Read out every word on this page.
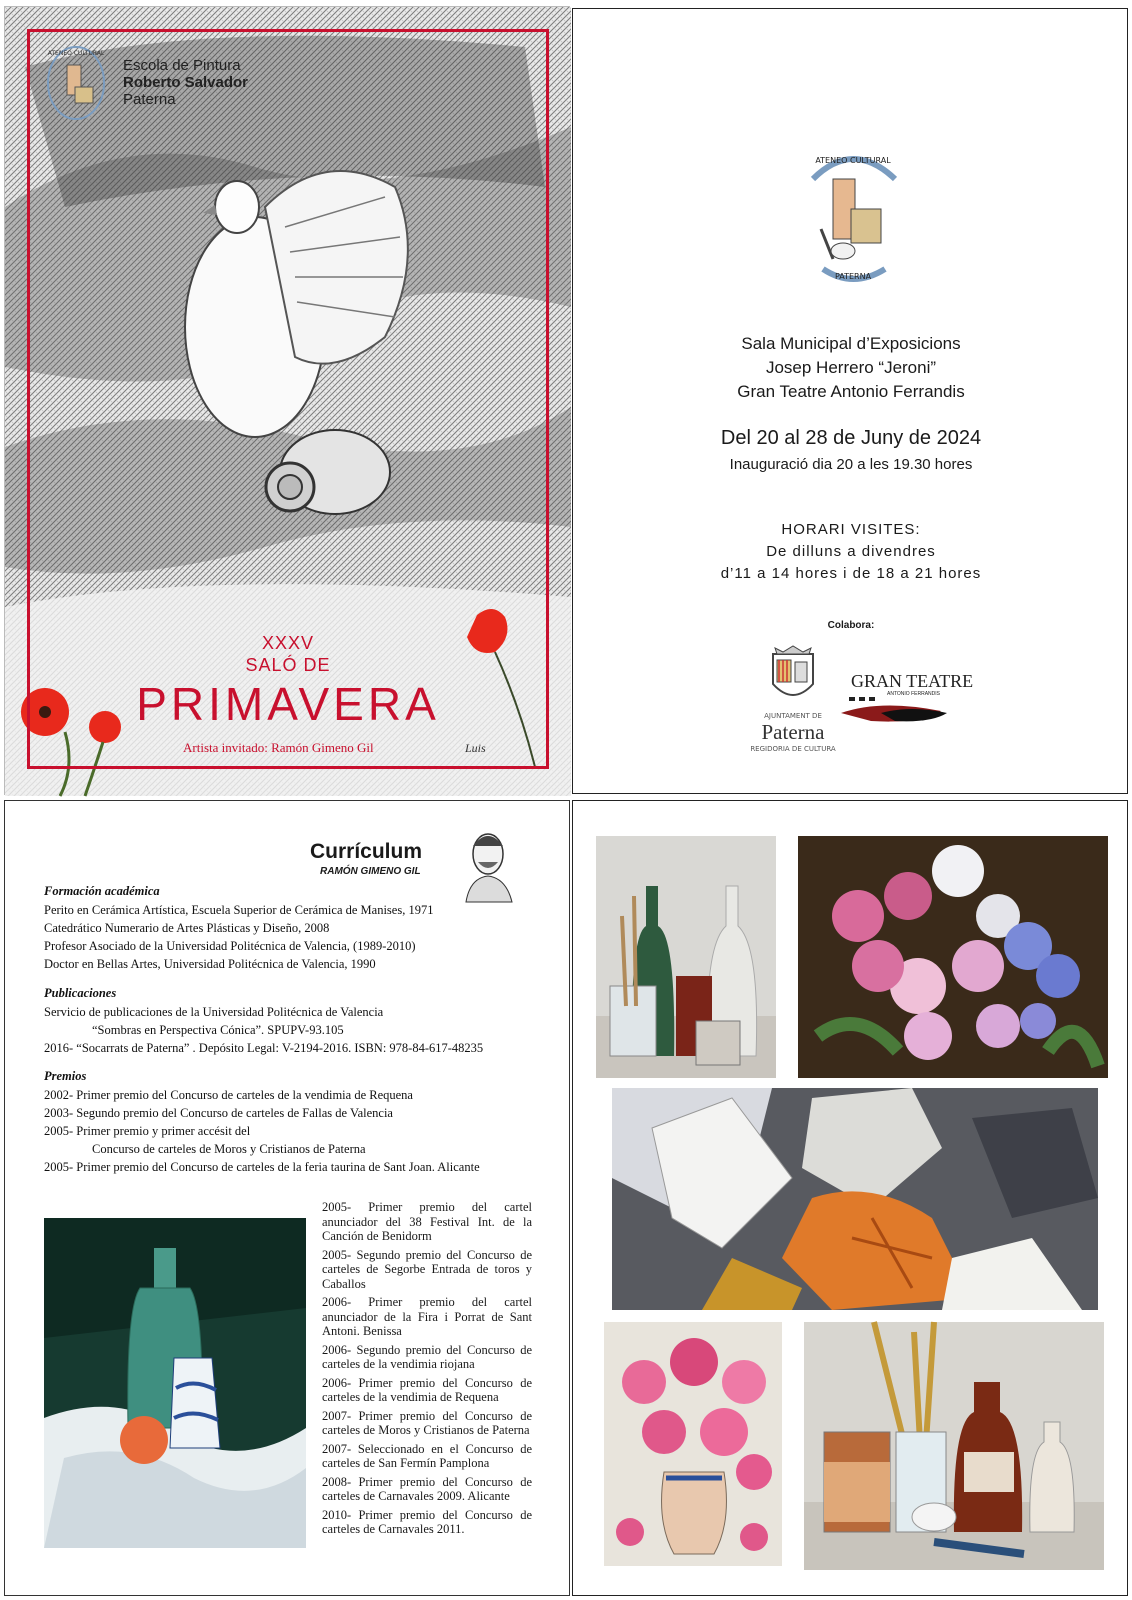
Luis
ATENEO CULTURAL
Escola de Pintura
Roberto Salvador
Paterna
XXXV
SALÓ DE
PRIMAVERA
Artista invitado: Ramón Gimeno Gil
ATENEO CULTURAL
PATERNA
Sala Municipal d’Exposicions
Josep Herrero “Jeroni”
Gran Teatre Antonio Ferrandis
Del 20 al 28 de Juny de 2024
Inauguració dia 20 a les 19.30 hores
HORARI VISITES:
De dilluns a divendres
d’11 a 14 hores i de 18 a 21 hores
Colabora:
AJUNTAMENT DE
Paterna
REGIDORIA DE CULTURA
GRAN TEATRE
ANTONIO FERRANDIS
Currículum
RAMÓN GIMENO GIL
Formación académica
Perito en Cerámica Artística, Escuela Superior de Cerámica de Manises, 1971
Catedrático Numerario de Artes Plásticas y Diseño, 2008
Profesor Asociado de la Universidad Politécnica de Valencia, (1989-2010)
Doctor en Bellas Artes, Universidad Politécnica de Valencia, 1990
Publicaciones
Servicio de publicaciones de la Universidad Politécnica de Valencia
“Sombras en Perspectiva Cónica”. SPUPV-93.105
2016- “Socarrats de Paterna” . Depósito Legal: V-2194-2016. ISBN: 978-84-617-48235
Premios
2002- Primer premio del Concurso de carteles de la vendimia de Requena
2003- Segundo premio del Concurso de carteles de Fallas de Valencia
2005- Primer premio y primer accésit del
Concurso de carteles de Moros y Cristianos de Paterna
2005- Primer premio del Concurso de carteles de la feria taurina de Sant Joan. Alicante

2005- Primer premio del cartel anunciador del 38 Festival Int. de la Canción de Benidorm

2005- Segundo premio del Concurso de carteles de Segorbe Entrada de toros y Caballos

2006- Primer premio del cartel anunciador de la Fira i Porrat de Sant Antoni. Benissa

2006- Segundo premio del Concurso de carteles de la vendimia riojana

2006- Primer premio del Concurso de carteles de la vendimia de Requena

2007- Primer premio del Concurso de carteles de Moros y Cristianos de Paterna

2007- Seleccionado en el Concurso de carteles de San Fermín Pamplona

2008- Primer premio del Concurso de carteles de Carnavales 2009. Alicante

2010- Primer premio del Concurso de carteles de Carnavales 2011.
